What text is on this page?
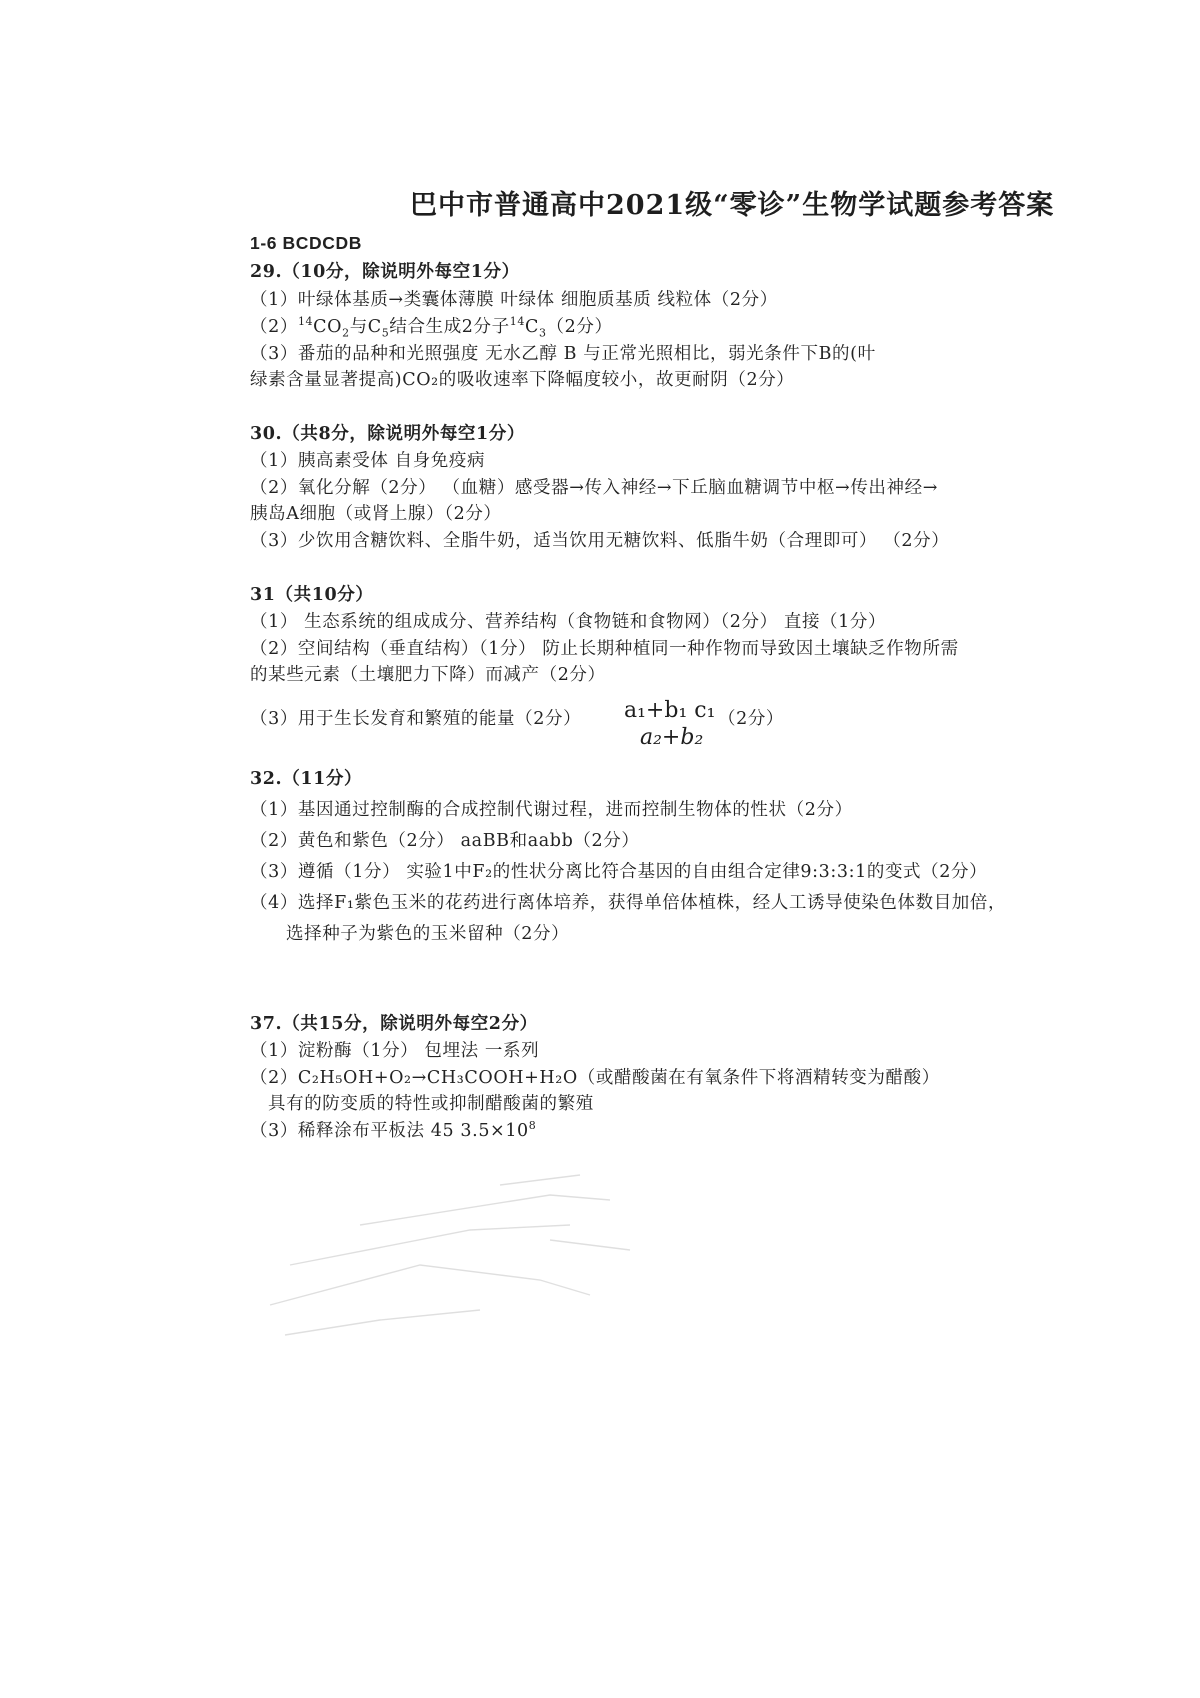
巴中市普通高中2021级“零诊”生物学试题参考答案
1-6 BCDCDB
29.（10分，除说明外每空1分）
（1）叶绿体基质→类囊体薄膜 叶绿体 细胞质基质 线粒体（2分）
$(2)^{14}CO_2$与$C_5$结合生成2分子$^{14}C_3(2$分）
（3）番茄的品种和光照强度 无水乙醇 B 与正常光照相比，弱光条件下B的(叶
绿素含量显著提高)CO₂的吸收速率下降幅度较小，故更耐阴（2分）
30.（共8分，除说明外每空1分）
（1）胰高素受体 自身免疫病
（2）氧化分解（2分） （血糖）感受器→传入神经→下丘脑血糖调节中枢→传出神经→
胰岛A细胞（或肾上腺）（2分）
（3）少饮用含糖饮料、全脂牛奶，适当饮用无糖饮料、低脂牛奶（合理即可） （2分）
31（共10分）
（1） 生态系统的组成成分、营养结构（食物链和食物网）（2分） 直接（1分）
（2）空间结构（垂直结构）（1分） 防止长期种植同一种作物而导致因土壤缺乏作物所需
的某些元素（土壤肥力下降）而减产（2分）
（3）用于生长发育和繁殖的能量（2分） a₁+b₁ c₁
a₂+b₂
（2分）
32.（11分）
（1）基因通过控制酶的合成控制代谢过程，进而控制生物体的性状（2分）
（2）黄色和紫色（2分） aaBB和aabb（2分）
（3）遵循（1分） 实验1中F₂的性状分离比符合基因的自由组合定律9:3:3:1的变式（2分）
（4）选择F₁紫色玉米的花药进行离体培养，获得单倍体植株，经人工诱导使染色体数目加倍，
选择种子为紫色的玉米留种（2分）
37.（共15分，除说明外每空2分）
（1）淀粉酶（1分） 包埋法 一系列
（2）C₂H₅OH+O₂→CH₃COOH+H₂O（或醋酸菌在有氧条件下将酒精转变为醋酸）
具有的防变质的特性或抑制醋酸菌的繁殖
（3）稀释涂布平板法 45 $3.5\times 10^8$
